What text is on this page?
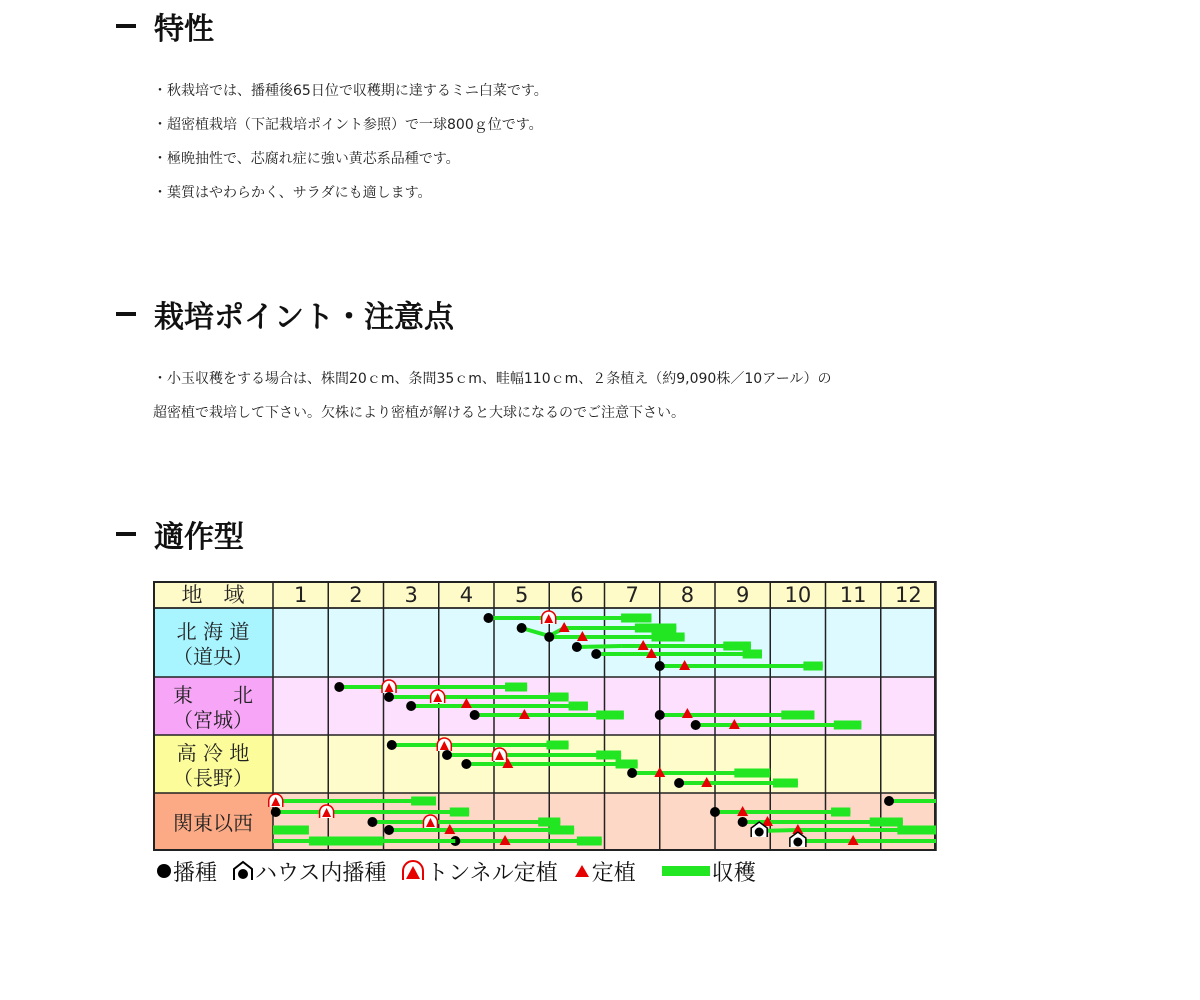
特性
・秋栽培では、播種後65日位で収穫期に達するミニ白菜です。
・超密植栽培（下記栽培ポイント参照）で一球800ｇ位です。
・極晩抽性で、芯腐れ症に強い黄芯系品種です。
・葉質はやわらかく、サラダにも適します。
栽培ポイント・注意点
・小玉収穫をする場合は、株間20ｃm、条間35ｃm、畦幅110ｃm、２条植え（約9,090株／10アール）の
超密植で栽培して下さい。欠株により密植が解けると大球になるのでご注意下さい。
適作型
地　域 1 2 3 4 5 6 7 8 9 10 11 12
北 海 道
（道央）
東　　北
（宮城）
高 冷 地
（長野）
関東以西
播種 ハウス内播種 トンネル定植 定植	収穫
